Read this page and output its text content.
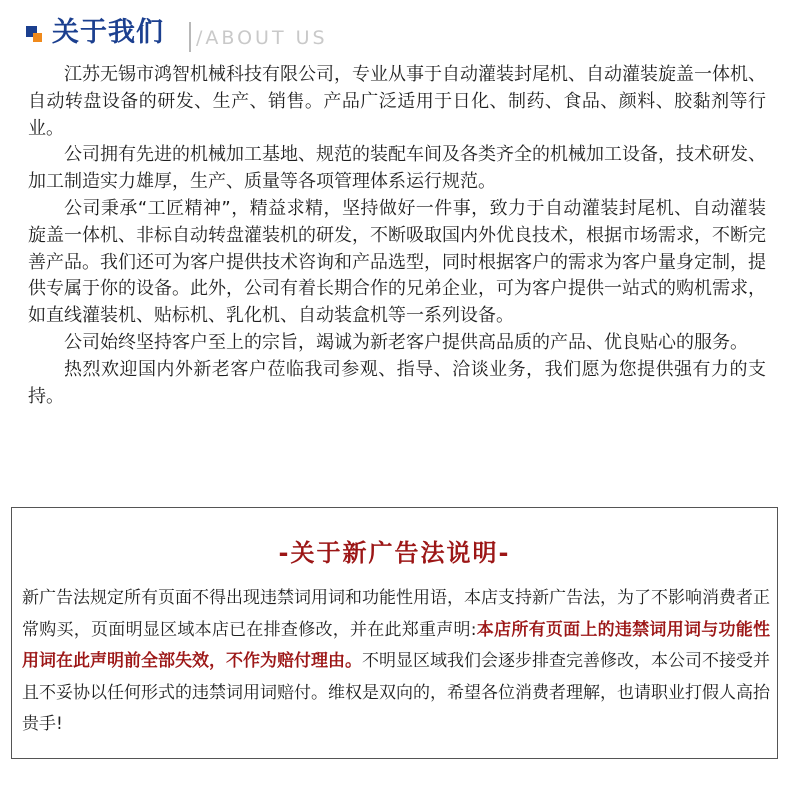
关于我们 /ABOUT US

江苏无锡市鸿智机械科技有限公司，专业从事于自动灌装封尾机、自动灌装旋盖一体机、自动转盘设备的研发、生产、销售。产品广泛适用于日化、制药、食品、颜料、胶黏剂等行业。

公司拥有先进的机械加工基地、规范的装配车间及各类齐全的机械加工设备，技术研发、加工制造实力雄厚，生产、质量等各项管理体系运行规范。

公司秉承“工匠精神”，精益求精，坚持做好一件事，致力于自动灌装封尾机、自动灌装旋盖一体机、非标自动转盘灌装机的研发，不断吸取国内外优良技术，根据市场需求，不断完善产品。我们还可为客户提供技术咨询和产品选型，同时根据客户的需求为客户量身定制，提供专属于你的设备。此外，公司有着长期合作的兄弟企业，可为客户提供一站式的购机需求，如直线灌装机、贴标机、乳化机、自动装盒机等一系列设备。

公司始终坚持客户至上的宗旨，竭诚为新老客户提供高品质的产品、优良贴心的服务。

热烈欢迎国内外新老客户莅临我司参观、指导、洽谈业务，我们愿为您提供强有力的支持。

-关于新广告法说明-

新广告法规定所有页面不得出现违禁词用词和功能性用语，本店支持新广告法，为了不影响消费者正常购买，页面明显区域本店已在排查修改，并在此郑重声明:本店所有页面上的违禁词用词与功能性用词在此声明前全部失效，不作为赔付理由。不明显区域我们会逐步排查完善修改，本公司不接受并且不妥协以任何形式的违禁词用词赔付。维权是双向的，希望各位消费者理解，也请职业打假人高抬贵手!
